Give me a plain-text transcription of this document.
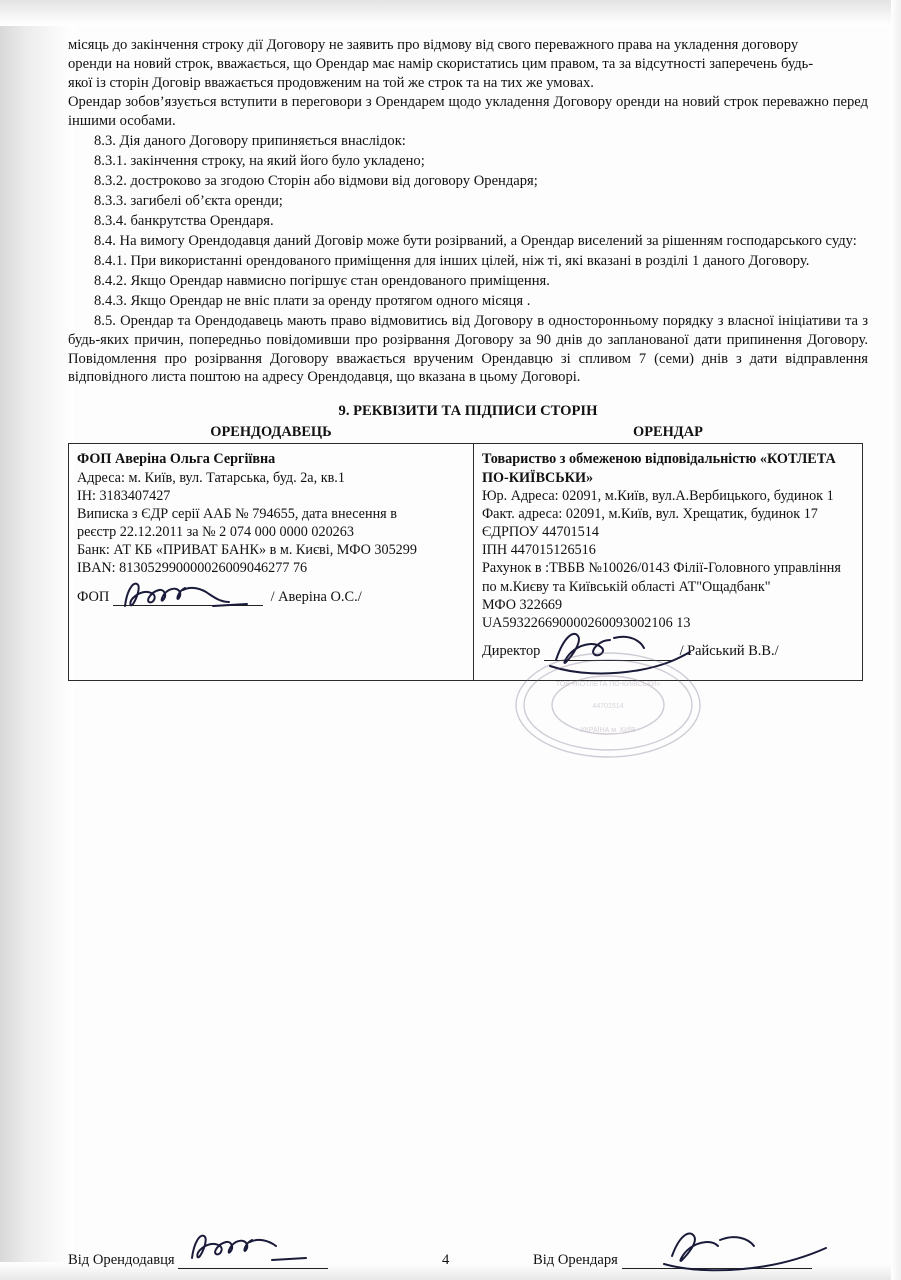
місяць до закінчення строку дії Договору не заявить про відмову від свого переважного права на укладення договору
оренди на новий строк, вважається, що Орендар має намір скористатись цим правом, та за відсутності заперечень будь-
якої із сторін Договір вважається продовженим на той же строк та на тих же умовах.

Орендар зобов’язується вступити в переговори з Орендарем щодо укладення Договору оренди на новий строк переважно перед іншими особами.

8.3. Дія даного Договору припиняється внаслідок:

8.3.1. закінчення строку, на який його було укладено;

8.3.2. достроково за згодою Сторін або відмови від договору Орендаря;

8.3.3. загибелі об’єкта оренди;

8.3.4. банкрутства Орендаря.

8.4. На вимогу Орендодавця даний Договір може бути розірваний, а Орендар виселений за рішенням господарського суду:

8.4.1. При використанні орендованого приміщення для інших цілей, ніж ті, які вказані в розділі 1 даного Договору.

8.4.2. Якщо Орендар навмисно погіршує стан орендованого приміщення.

8.4.3. Якщо Орендар не вніс плати за оренду протягом одного місяця .

8.5. Орендар та Орендодавець мають право відмовитись від Договору в односторонньому порядку з власної ініціативи та з будь-яких причин, попередньо повідомивши про розірвання Договору за 90 днів до запланованої дати припинення Договору. Повідомлення про розірвання Договору вважається врученим Орендавцю зі спливом 7 (семи) днів з дати відправлення відповідного листа поштою на адресу Орендодавця, що вказана в цьому Договорі.

9. РЕКВІЗИТИ ТА ПІДПИСИ СТОРІН
ОРЕНДОДАВЕЦЬ	ОРЕНДАР

ФОП Аверіна Ольга Сергіївна
Адреса: м. Київ, вул. Татарська, буд. 2а, кв.1
ІН: 3183407427
Виписка з ЄДР серії ААБ № 794655, дата внесення в
реєстр 22.12.2011 за № 2 074 000 0000 020263
Банк: АТ КБ «ПРИВАТ БАНК» в м. Києві, МФО 305299
IBAN: 813052990000026009046277 76
ФОП	/ Аверіна О.С./

Товариство з обмеженою відповідальністю «КОТЛЕТА ПО-КИЇВСЬКИ»
Юр. Адреса: 02091, м.Київ, вул.А.Вербицького, будинок 1
Факт. адреса: 02091, м.Київ, вул. Хрещатик, будинок 17
ЄДРПОУ 44701514
ІПН 447015126516
Рахунок в :ТВБВ №10026/0143 Філії-Головного управління по м.Києву та Київській області АТ"Ощадбанк"
МФО 322669
UA593226690000260093002106 13
Директор	/ Райський В.В./
ТОВ «КОТЛЕТА ПО-КИЇВСЬКИ»
44701514
УКРАЇНА м. КИЇВ
Від Орендодавця	4	Від Орендаря
